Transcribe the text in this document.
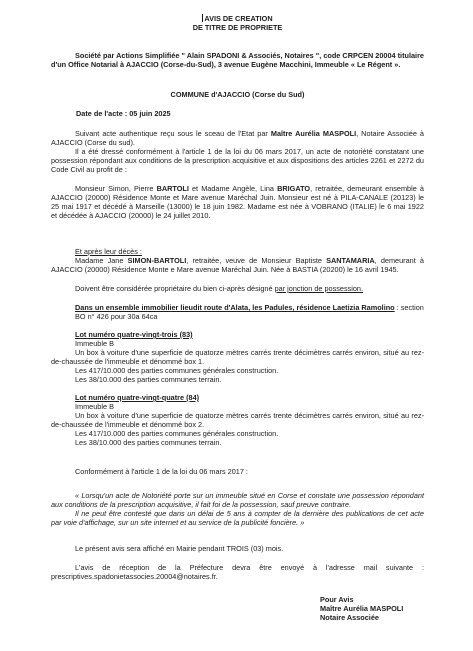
AVIS DE CREATION

DE TITRE DE PROPRIETE

Société par Actions Simplifiée " Alain SPADONI & Associés, Notaires ", code CRPCEN 20004 titulaire d'un Office Notarial à AJACCIO (Corse-du-Sud), 3 avenue Eugène Macchini, Immeuble « Le Régent ».

COMMUNE d'AJACCIO (Corse du Sud)

Date de l'acte : 05 juin 2025

Suivant acte authentique reçu sous le sceau de l'Etat par Maître Aurélia MASPOLI, Notaire Associée à AJACCIO (Corse du sud).

Il a été dressé conformément à l'article 1 de la loi du 06 mars 2017, un acte de notoriété constatant une possession répondant aux conditions de la prescription acquisitive et aux dispositions des articles 2261 et 2272 du Code Civil au profit de :

Monsieur Simon, Pierre BARTOLI et Madame Angèle, Lina BRIGATO, retraitée, demeurant ensemble à AJACCIO (20000) Résidence Monte et Mare avenue Maréchal Juin. Monsieur est né à PILA-CANALE (20123) le 25 mai 1917 et décédé à Marseille (13000) le 18 juin 1982. Madame est née à VOBRANO (ITALIE) le 6 mai 1922 et décédée à AJACCIO (20000) le 24 juillet 2010.

Et après leur décès :

Madame Jane SIMON-BARTOLI, retraitée, veuve de Monsieur Baptiste SANTAMARIA, demeurant à AJACCIO (20000) Résidence Monte e Mare avenue Maréchal Juin. Née à BASTIA (20200) le 16 avril 1945.

Doivent être considérée propriétaire du bien ci-après désigné par jonction de possession.

Dans un ensemble immobilier lieudit route d'Alata, les Padules, résidence Laetizia Ramolino : section BO n° 426 pour 30a 64ca

Lot numéro quatre-vingt-trois (83)

Immeuble B

Un box à voiture d'une superficie de quatorze mètres carrés trente décimètres carrés environ, situé au rez-de-chaussée de l'immeuble et dénommé box 1.

Les 417/10.000 des parties communes générales construction.

Les 38/10.000 des parties communes terrain.

Lot numéro quatre-vingt-quatre (84)

Immeuble B

Un box à voiture d'une superficie de quatorze mètres carrés trente décimètres carrés environ, situé au rez-de-chaussée de l'immeuble et dénommé box 2.

Les 417/10.000 des parties communes générales construction.

Les 38/10.000 des parties communes terrain.

Conformément à l'article 1 de la loi du 06 mars 2017 :

« Lorsqu'un acte de Notoriété porte sur un immeuble situé en Corse et constate une possession répondant aux conditions de la prescription acquisitive, il fait foi de la possession, sauf preuve contraire.

Il ne peut être contesté que dans un délai de 5 ans à compter de la dernière des publications de cet acte par voie d'affichage, sur un site internet et au service de la publicité foncière. »

Le présent avis sera affiché en Mairie pendant TROIS (03) mois.

L'avis de réception de la Préfecture devra être envoyé à l'adresse mail suivante : prescriptives.spadonietassocies.20004@notaires.fr.

Pour Avis

Maître Aurélia MASPOLI

Notaire Associée
